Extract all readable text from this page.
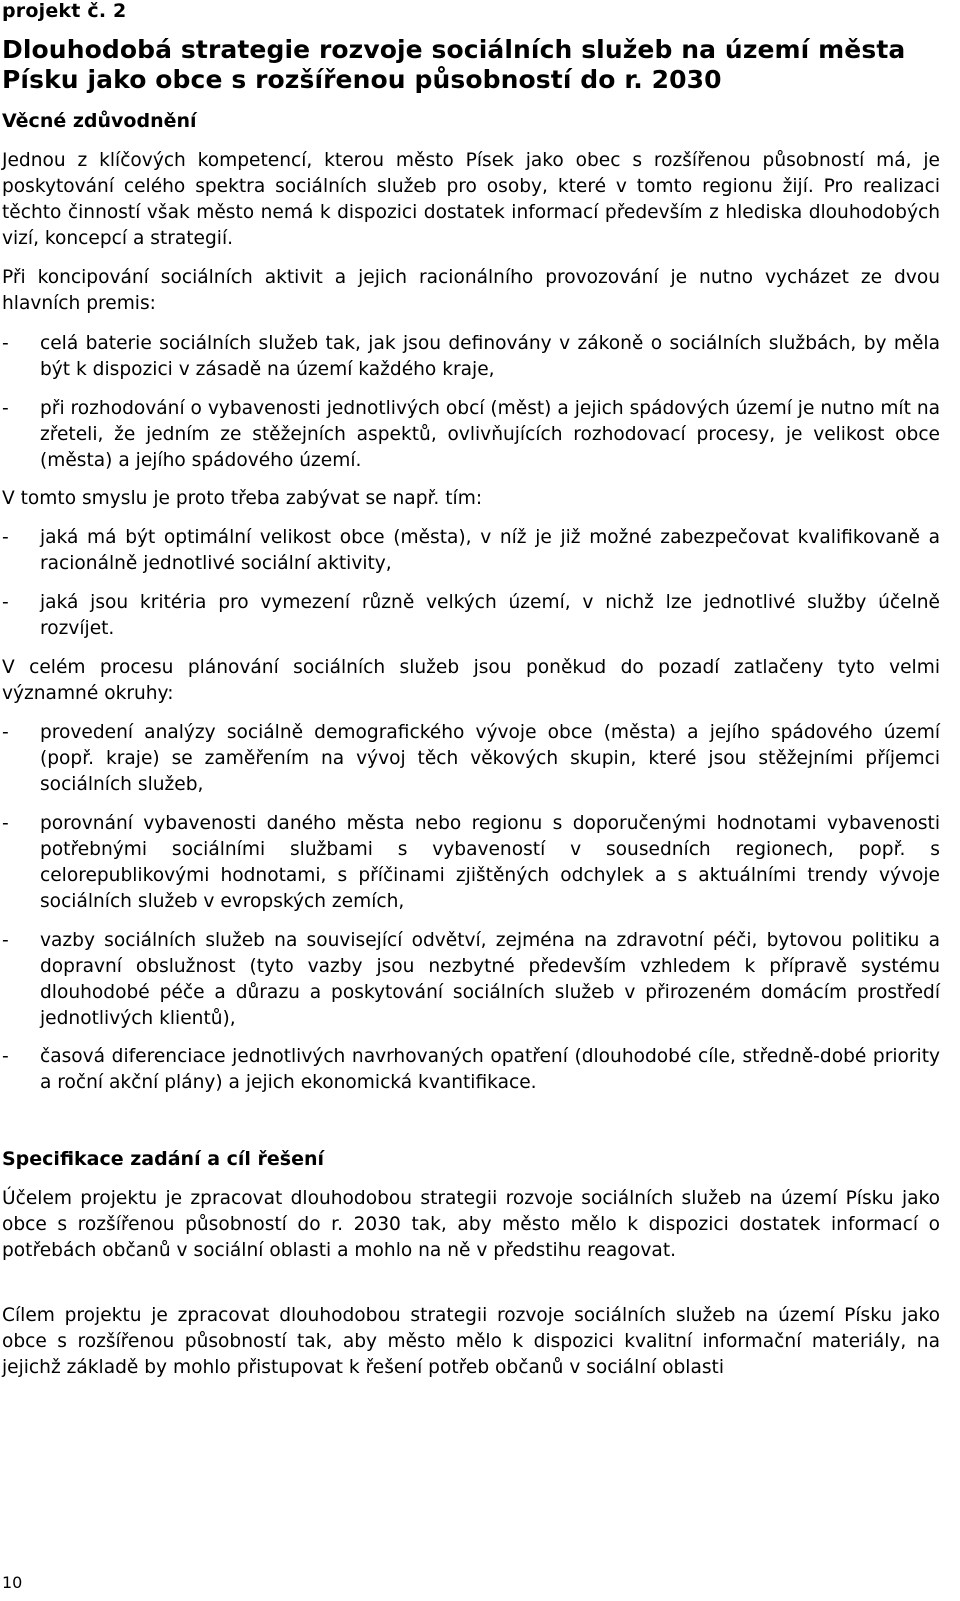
projekt č. 2
Dlouhodobá strategie rozvoje sociálních služeb na území města Písku jako obce s rozšířenou působností do r. 2030
Věcné zdůvodnění
Jednou z klíčových kompetencí, kterou město Písek jako obec s rozšířenou působností má, je poskytování celého spektra sociálních služeb pro osoby, které v tomto regionu žijí. Pro realizaci těchto činností však město nemá k dispozici dostatek informací především z hlediska dlouhodobých vizí, koncepcí a strategií.
Při koncipování sociálních aktivit a jejich racionálního provozování je nutno vycházet ze dvou hlavních premis:
- celá baterie sociálních služeb tak, jak jsou definovány v zákoně o sociálních službách, by měla být k dispozici v zásadě na území každého kraje,
- při rozhodování o vybavenosti jednotlivých obcí (měst) a jejich spádových území je nutno mít na zřeteli, že jedním ze stěžejních aspektů, ovlivňujících rozhodovací procesy, je velikost obce (města) a jejího spádového území.
V tomto smyslu je proto třeba zabývat se např. tím:
- jaká má být optimální velikost obce (města), v níž je již možné zabezpečovat kvalifikovaně a racionálně jednotlivé sociální aktivity,
- jaká jsou kritéria pro vymezení různě velkých území, v nichž lze jednotlivé služby účelně rozvíjet.
V celém procesu plánování sociálních služeb jsou poněkud do pozadí zatlačeny tyto velmi významné okruhy:
- provedení analýzy sociálně demografického vývoje obce (města) a jejího spádového území (popř. kraje) se zaměřením na vývoj těch věkových skupin, které jsou stěžejními příjemci sociálních služeb,
- porovnání vybavenosti daného města nebo regionu s doporučenými hodnotami vybavenosti potřebnými sociálními službami s vybaveností v sousedních regionech, popř. s celorepublikovými hodnotami, s příčinami zjištěných odchylek a s aktuálními trendy vývoje sociálních služeb v evropských zemích,
- vazby sociálních služeb na související odvětví, zejména na zdravotní péči, bytovou politiku a dopravní obslužnost (tyto vazby jsou nezbytné především vzhledem k přípravě systému dlouhodobé péče a důrazu a poskytování sociálních služeb v přirozeném domácím prostředí jednotlivých klientů),
- časová diferenciace jednotlivých navrhovaných opatření (dlouhodobé cíle, středně-dobé priority a roční akční plány) a jejich ekonomická kvantifikace.
Specifikace zadání a cíl řešení
Účelem projektu je zpracovat dlouhodobou strategii rozvoje sociálních služeb na území Písku jako obce s rozšířenou působností do r. 2030 tak, aby město mělo k dispozici dostatek informací o potřebách občanů v sociální oblasti a mohlo na ně v předstihu reagovat.
Cílem projektu je zpracovat dlouhodobou strategii rozvoje sociálních služeb na území Písku jako obce s rozšířenou působností tak, aby město mělo k dispozici kvalitní informační materiály, na jejichž základě by mohlo přistupovat k řešení potřeb občanů v sociální oblasti
10
